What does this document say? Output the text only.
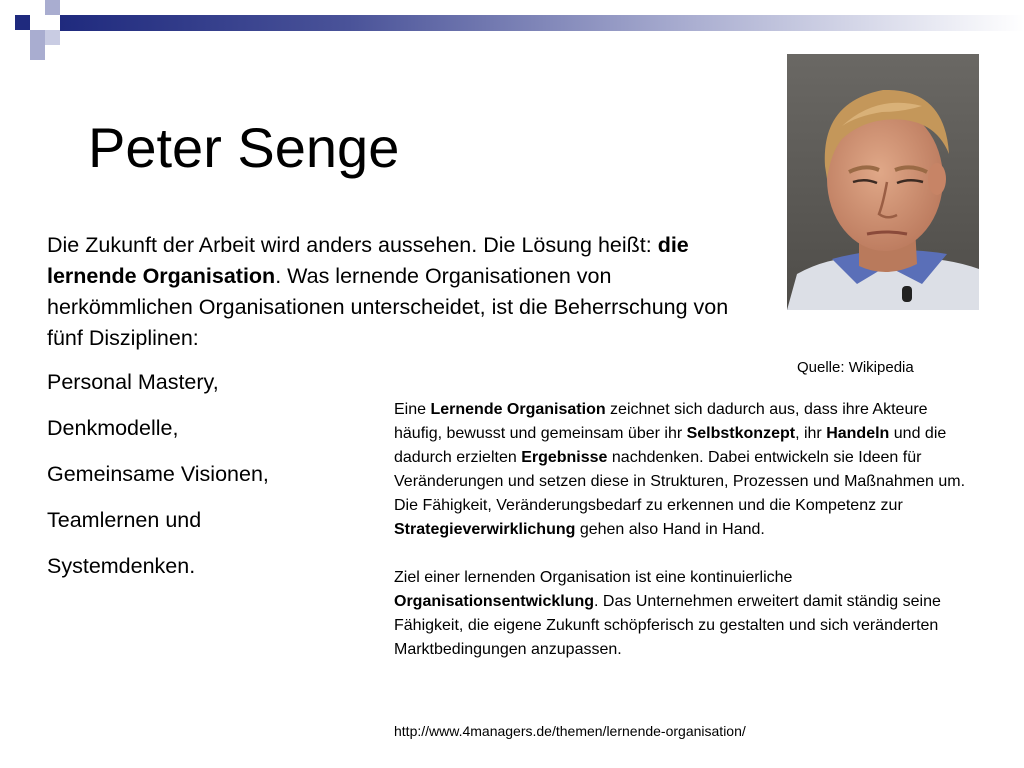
Peter Senge
Quelle: Wikipedia

Die Zukunft der Arbeit wird anders aussehen. Die Lösung heißt: die lernende Organisation. Was lernende Organisationen von herkömmlichen Organisationen unterscheidet, ist die Beherrschung von fünf Disziplinen:

Personal Mastery,
Denkmodelle,
Gemeinsame Visionen,
Teamlernen und
Systemdenken.

Eine Lernende Organisation zeichnet sich dadurch aus, dass ihre Akteure häufig, bewusst und gemeinsam über ihr Selbstkonzept, ihr Handeln und die dadurch erzielten Ergebnisse nachdenken. Dabei entwickeln sie Ideen für Veränderungen und setzen diese in Strukturen, Prozessen und Maßnahmen um. Die Fähigkeit, Veränderungsbedarf zu erkennen und die Kompetenz zur Strategieverwirklichung gehen also Hand in Hand.

Ziel einer lernenden Organisation ist eine kontinuierliche Organisationsentwicklung. Das Unternehmen erweitert damit ständig seine Fähigkeit, die eigene Zukunft schöpferisch zu gestalten und sich veränderten Marktbedingungen anzupassen.

http://www.4managers.de/themen/lernende-organisation/
